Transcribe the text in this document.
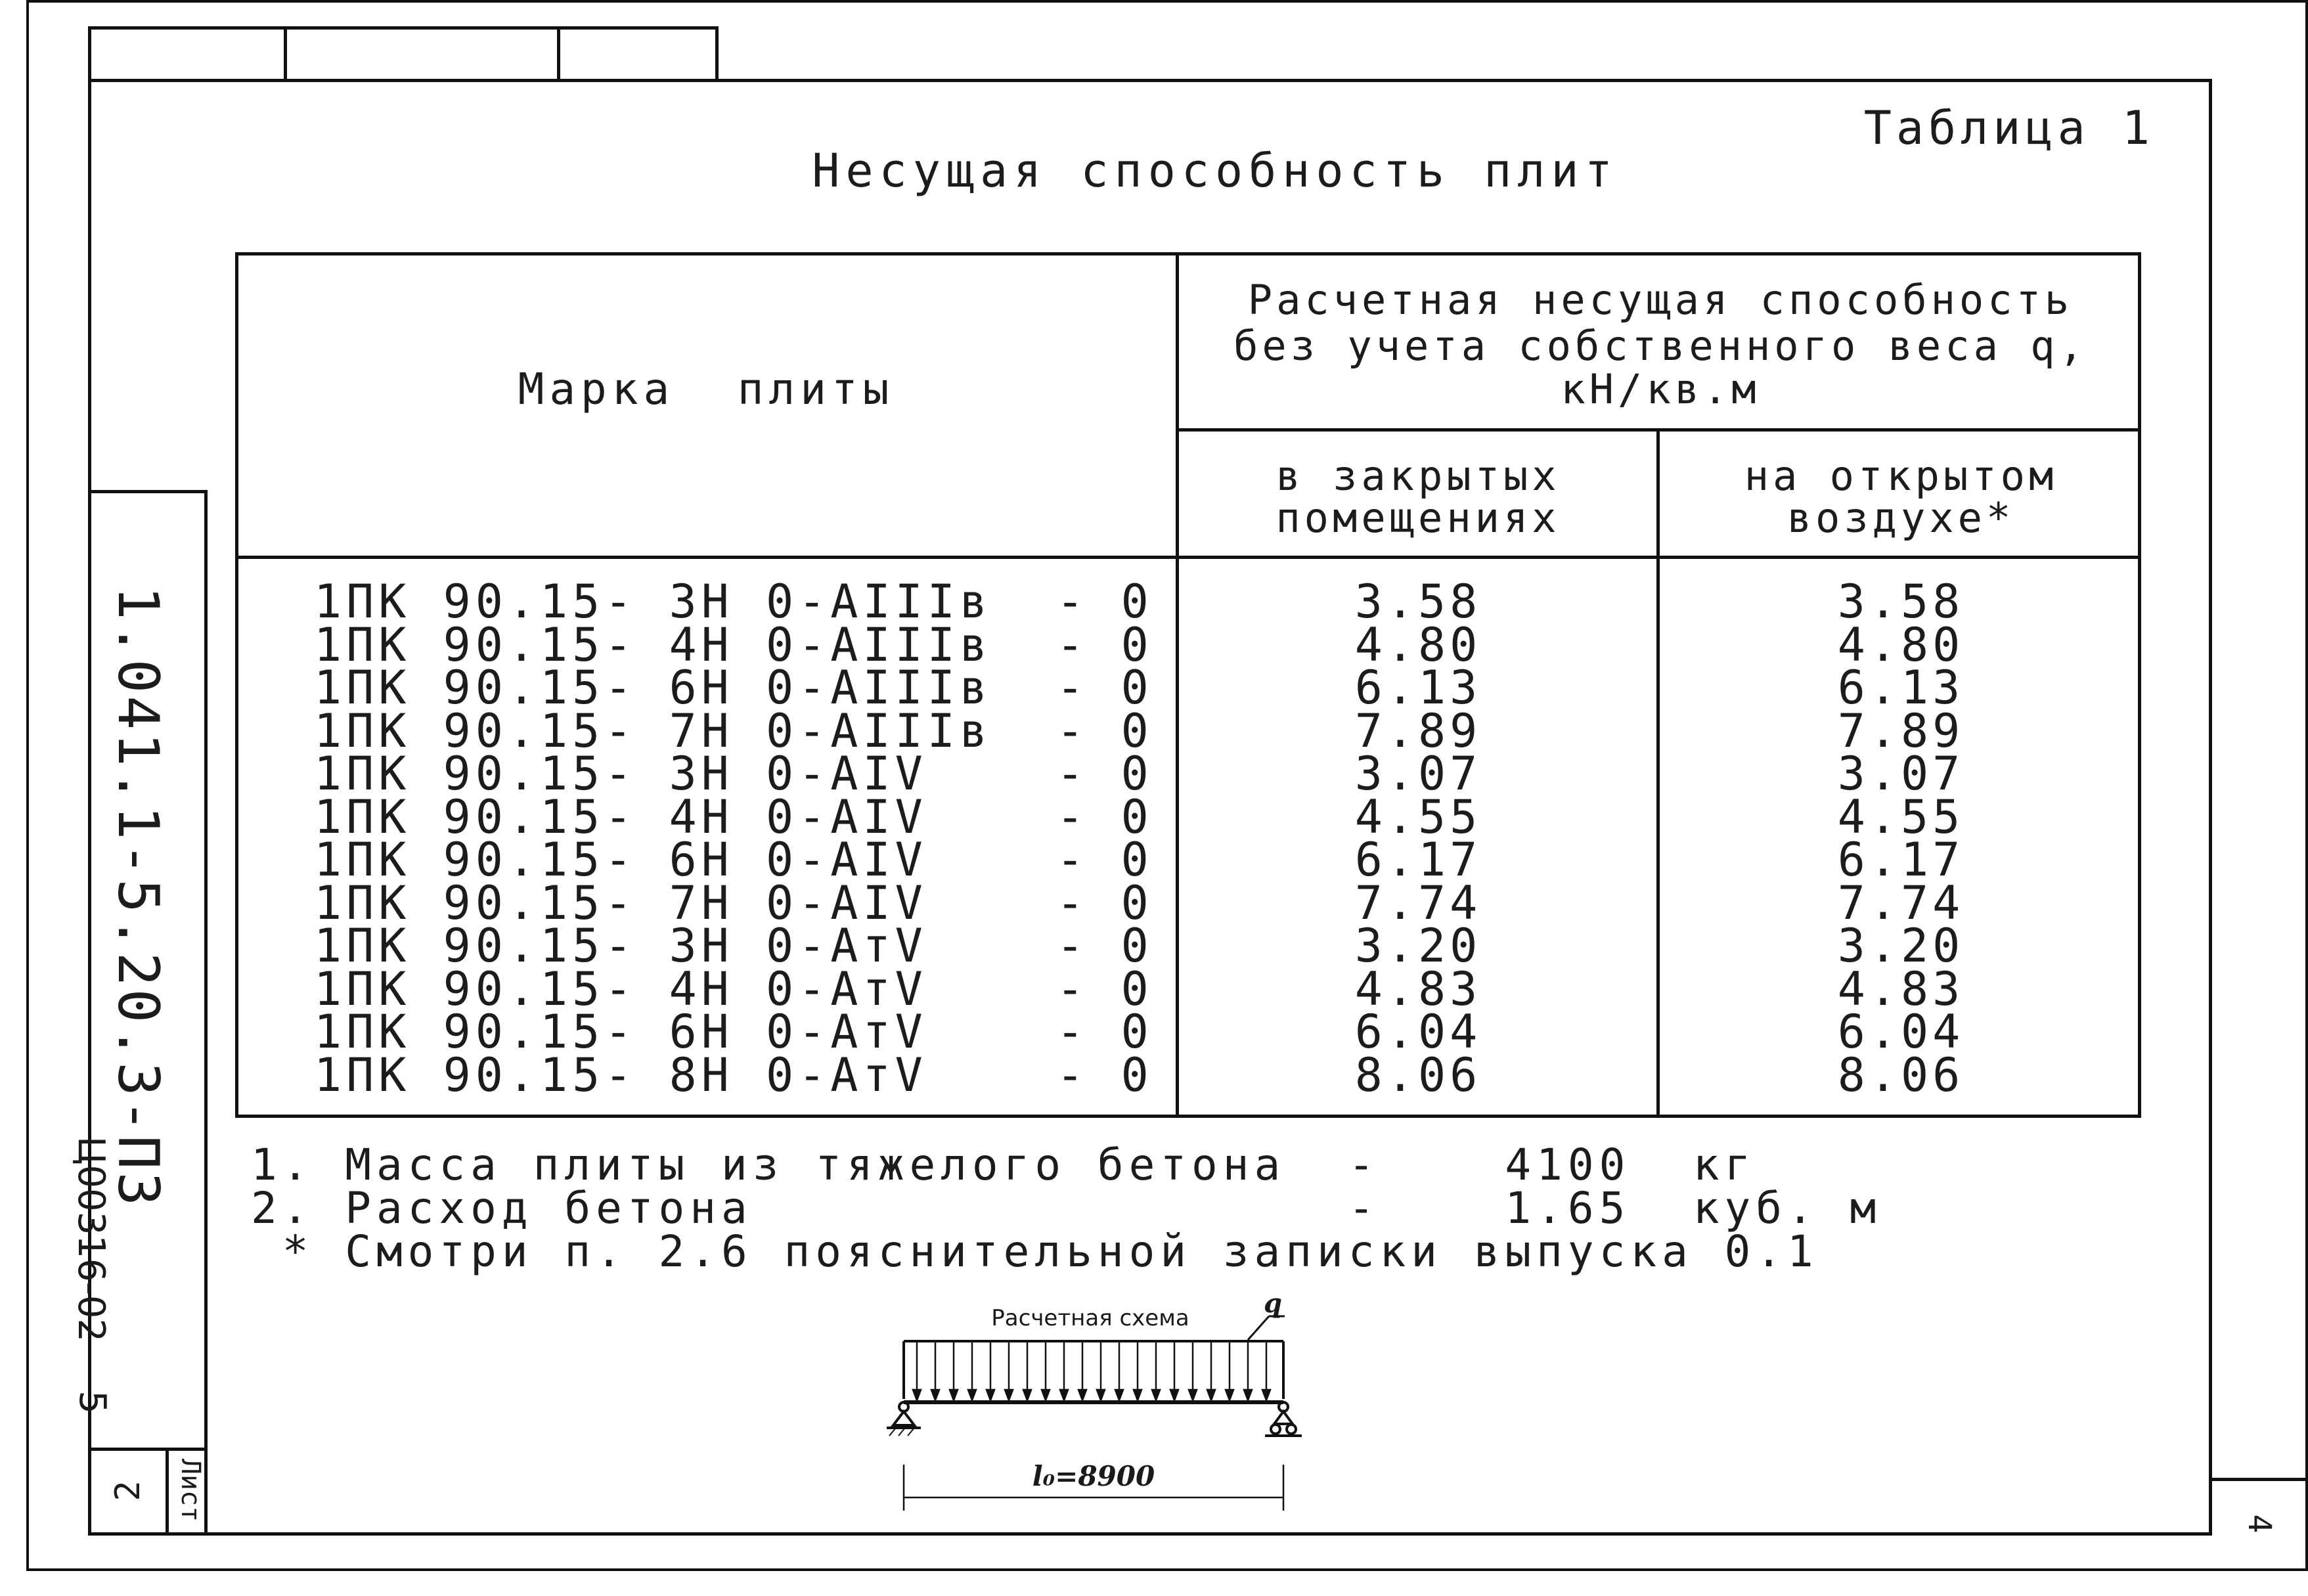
1.041.1-5.20.3-ПЗ
Лист
2
Ц00316-02
5
4
Таблица 1
Несущая способность плит
Марка  плиты
Расчетная несущая способность
без учета собственного веса q,
кН/кв.м
в закрытых
помещениях
на открытом
воздухе*
1ПК 90.15- 3Н 0-AIIIв  - 0	3.58	3.58
1ПК 90.15- 4Н 0-AIIIв  - 0	4.80	4.80
1ПК 90.15- 6Н 0-AIIIв  - 0	6.13	6.13
1ПК 90.15- 7Н 0-AIIIв  - 0	7.89	7.89
1ПК 90.15- 3Н 0-AIV    - 0	3.07	3.07
1ПК 90.15- 4Н 0-AIV    - 0	4.55	4.55
1ПК 90.15- 6Н 0-AIV    - 0	6.17	6.17
1ПК 90.15- 7Н 0-AIV    - 0	7.74	7.74
1ПК 90.15- 3Н 0-AтV    - 0	3.20	3.20
1ПК 90.15- 4Н 0-AтV    - 0	4.83	4.83
1ПК 90.15- 6Н 0-AтV    - 0	6.04	6.04
1ПК 90.15- 8Н 0-AтV    - 0	8.06	8.06
1. Масса плиты из тяжелого бетона  -    4100  кг
2. Расход бетона                   -    1.65  куб. м
* Смотри п. 2.6 пояснительной записки выпуска 0.1
Расчетная схема	q
l₀=8900
